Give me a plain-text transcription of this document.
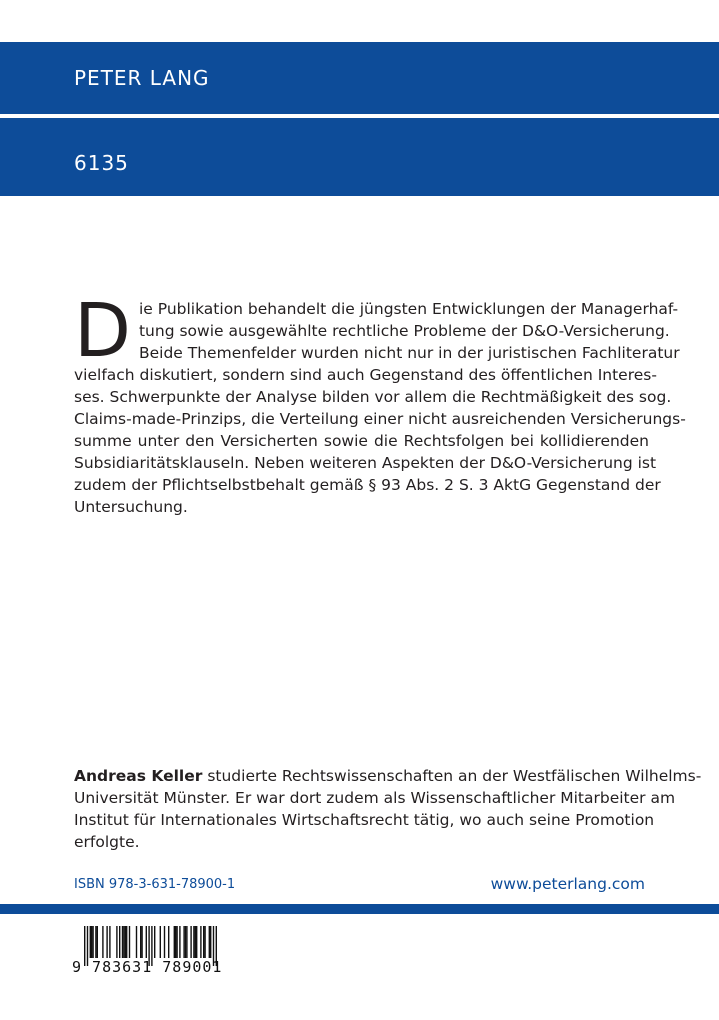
PETER LANG
6135
D ie Publikation behandelt die jüngsten Entwicklungen der Managerhaf-
tung sowie ausgewählte rechtliche Probleme der D&O-Versicherung.
Beide Themenfelder wurden nicht nur in der juristischen Fachliteratur
vielfach diskutiert, sondern sind auch Gegenstand des öffentlichen Interes-
ses. Schwerpunkte der Analyse bilden vor allem die Rechtmäßigkeit des sog.
Claims-made-Prinzips, die Verteilung einer nicht ausreichenden Versicherungs-
summe unter den Versicherten sowie die Rechtsfolgen bei kollidierenden
Subsidiaritätsklauseln. Neben weiteren Aspekten der D&O-Versicherung ist
zudem der Pflichtselbstbehalt gemäß § 93 Abs. 2 S. 3 AktG Gegenstand der
Untersuchung.
Andreas Keller studierte Rechtswissenschaften an der Westfälischen Wilhelms-
Universität Münster. Er war dort zudem als Wissenschaftlicher Mitarbeiter am
Institut für Internationales Wirtschaftsrecht tätig, wo auch seine Promotion
erfolgte.
ISBN 978-3-631-78900-1	www.peterlang.com
9 783631 789001
